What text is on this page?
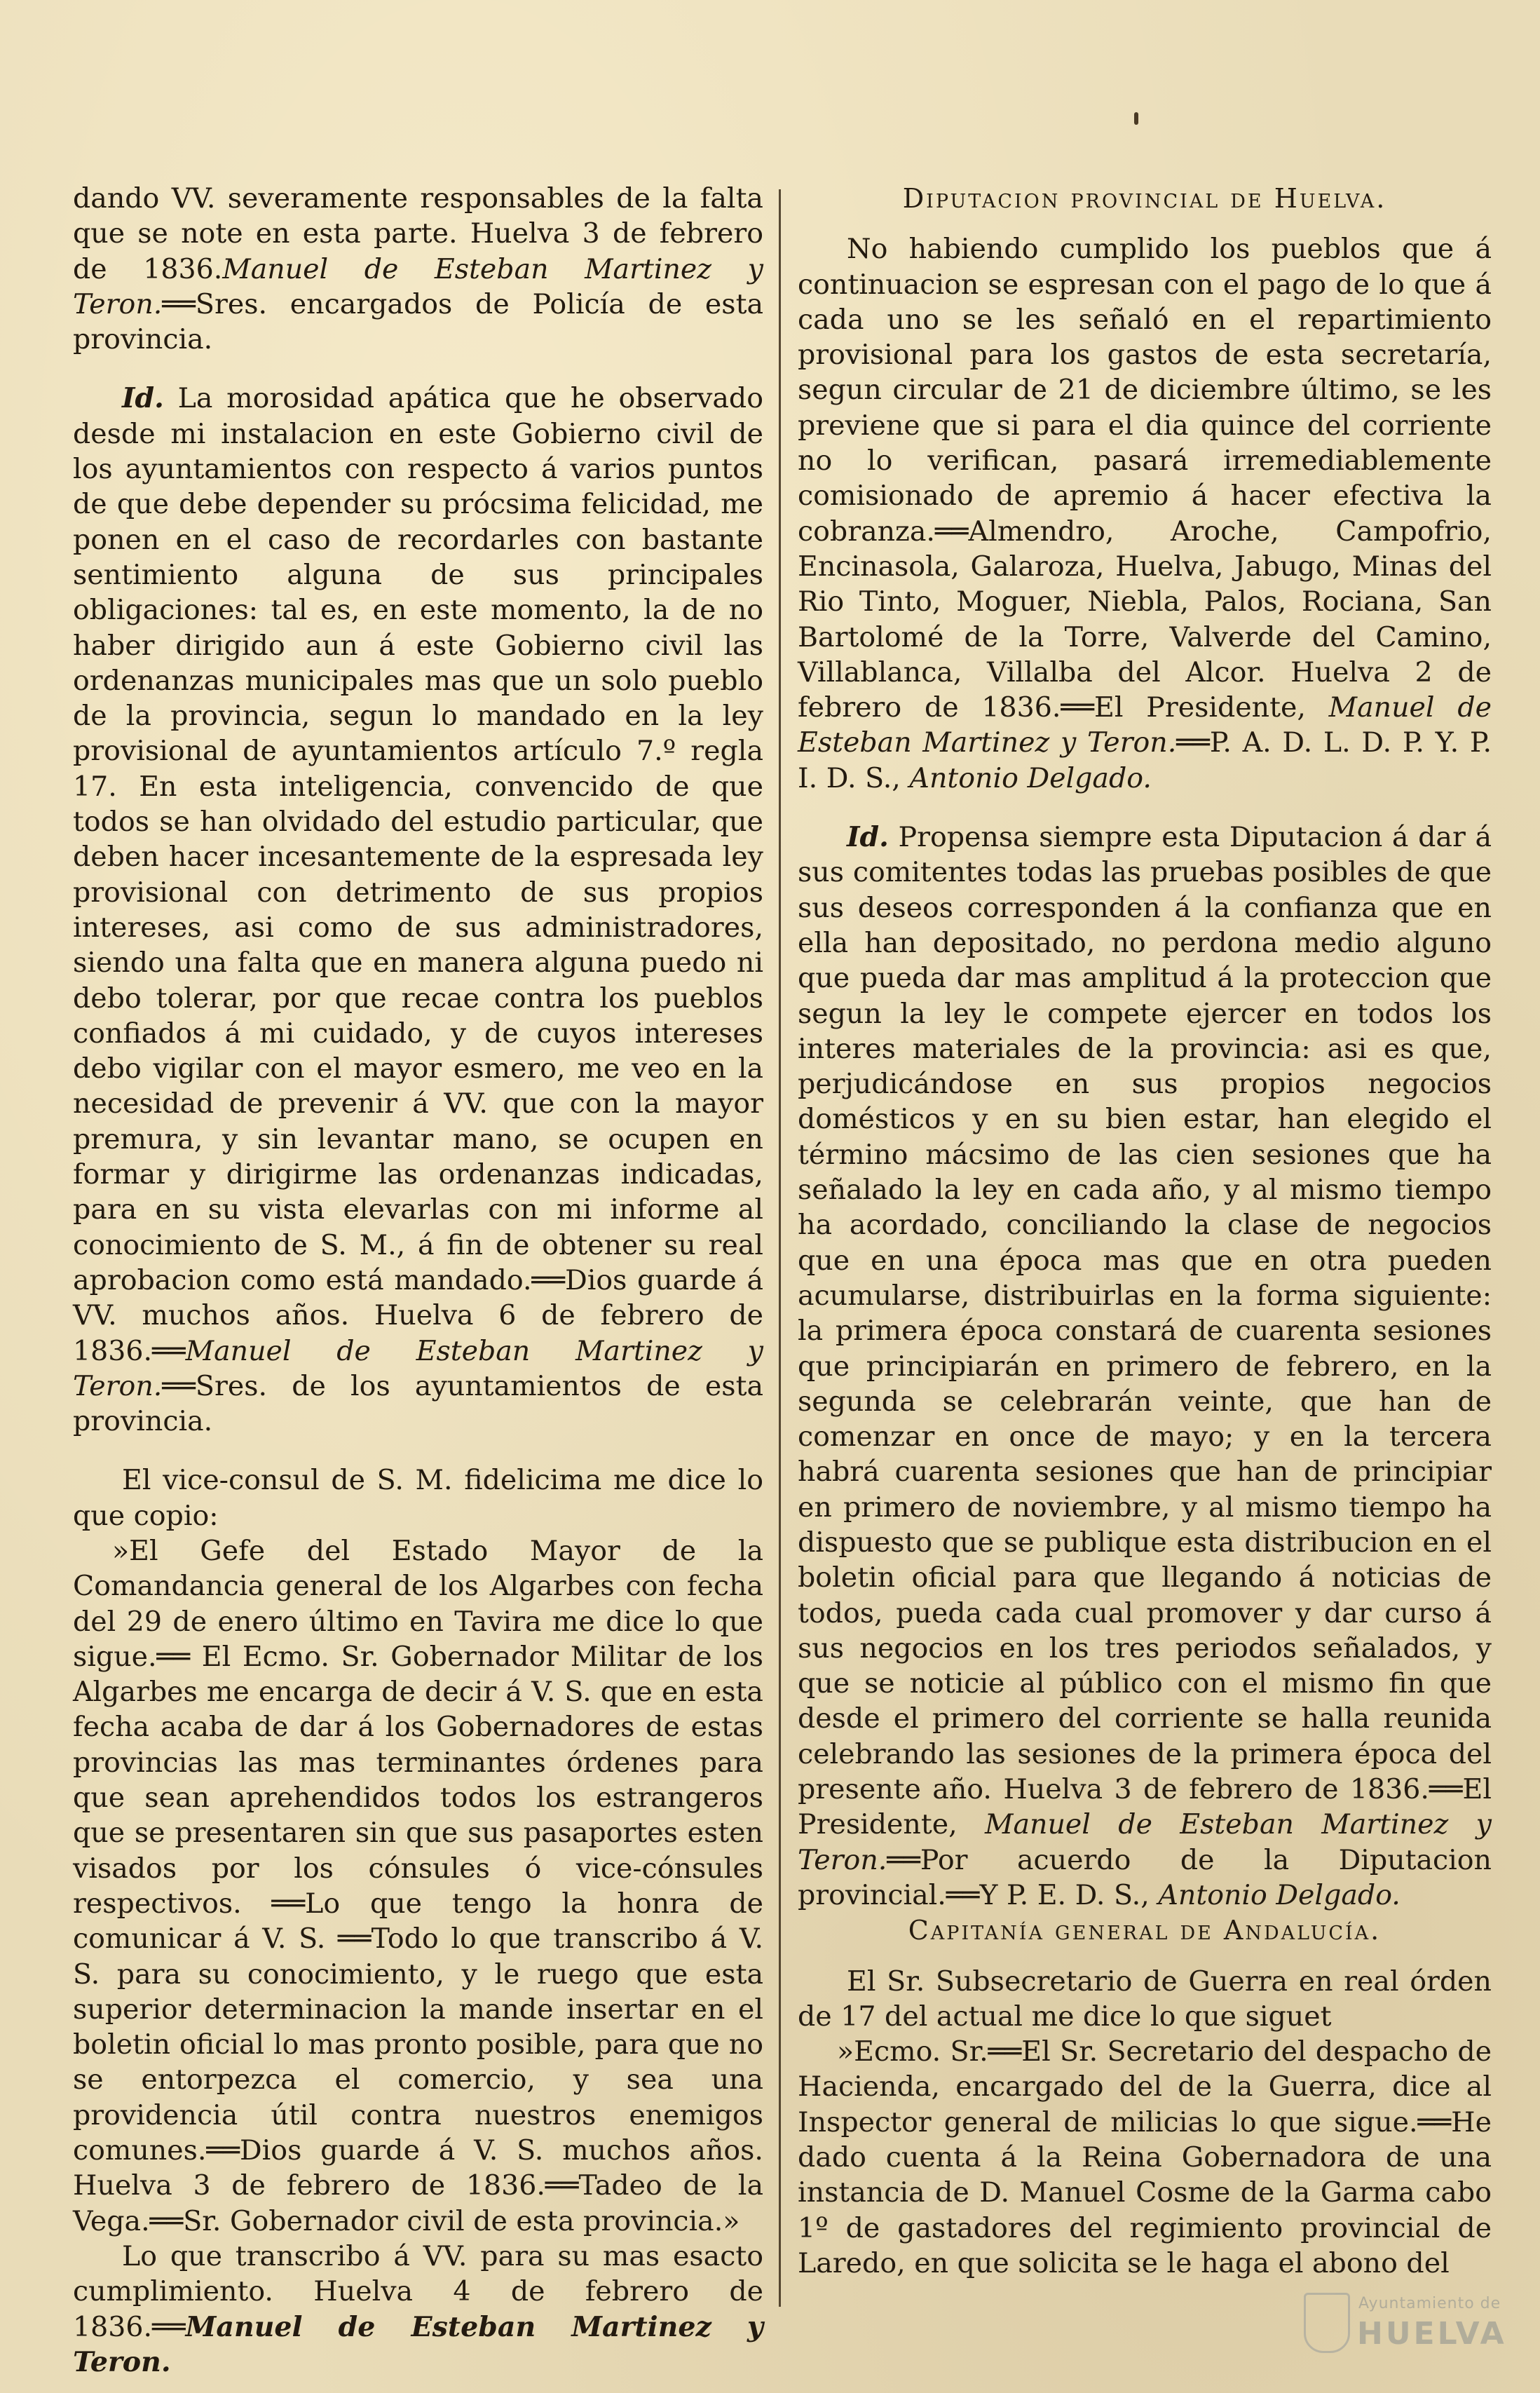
dando VV. severamente responsables de la falta que se note en esta parte. Huelva 3 de febrero de 1836.Manuel de Esteban Martinez y Teron.══Sres. encargados de Policía de esta provincia.

Id. La morosidad apática que he observado desde mi instalacion en este Gobierno civil de los ayuntamientos con respecto á varios puntos de que debe depender su prócsima felicidad, me ponen en el caso de recordarles con bastante sentimiento alguna de sus principales obligaciones: tal es, en este momento, la de no haber dirigido aun á este Gobierno civil las ordenanzas municipales mas que un solo pueblo de la provincia, segun lo mandado en la ley provisional de ayuntamientos artículo 7.º regla 17. En esta inteligencia, convencido de que todos se han olvidado del estudio particular, que deben hacer incesantemente de la espresada ley provisional con detrimento de sus propios intereses, asi como de sus administradores, siendo una falta que en manera alguna puedo ni debo tolerar, por que recae contra los pueblos confiados á mi cuidado, y de cuyos intereses debo vigilar con el mayor esmero, me veo en la necesidad de prevenir á VV. que con la mayor premura, y sin levantar mano, se ocupen en formar y dirigirme las ordenanzas indicadas, para en su vista elevarlas con mi informe al conocimiento de S. M., á fin de obtener su real aprobacion como está mandado.══Dios guarde á VV. muchos años. Huelva 6 de febrero de 1836.══Manuel de Esteban Martinez y Teron.══Sres. de los ayuntamientos de esta provincia.

El vice-consul de S. M. fidelicima me dice lo que copio:

»El Gefe del Estado Mayor de la Comandancia general de los Algarbes con fecha del 29 de enero último en Tavira me dice lo que sigue.══ El Ecmo. Sr. Gobernador Militar de los Algarbes me encarga de decir á V. S. que en esta fecha acaba de dar á los Gobernadores de estas provincias las mas terminantes órdenes para que sean aprehendidos todos los estrangeros que se presentaren sin que sus pasaportes esten visados por los cónsules ó vice-cónsules respectivos. ══Lo que tengo la honra de comunicar á V. S. ══Todo lo que transcribo á V. S. para su conocimiento, y le ruego que esta superior determinacion la mande insertar en el boletin oficial lo mas pronto posible, para que no se entorpezca el comercio, y sea una providencia útil contra nuestros enemigos comunes.══Dios guarde á V. S. muchos años. Huelva 3 de febrero de 1836.══Tadeo de la Vega.══Sr. Gobernador civil de esta provincia.»

Lo que transcribo á VV. para su mas esacto cumplimiento. Huelva 4 de febrero de 1836.══Manuel de Esteban Martinez y Teron.

Diputacion provincial de Huelva.

No habiendo cumplido los pueblos que á continuacion se espresan con el pago de lo que á cada uno se les señaló en el repartimiento provisional para los gastos de esta secretaría, segun circular de 21 de diciembre último, se les previene que si para el dia quince del corriente no lo verifican, pasará irremediablemente comisionado de apremio á hacer efectiva la cobranza.══Almendro, Aroche, Campofrio, Encinasola, Galaroza, Huelva, Jabugo, Minas del Rio Tinto, Moguer, Niebla, Palos, Rociana, San Bartolomé de la Torre, Valverde del Camino, Villablanca, Villalba del Alcor. Huelva 2 de febrero de 1836.══El Presidente, Manuel de Esteban Martinez y Teron.══P. A. D. L. D. P. Y. P. I. D. S., Antonio Delgado.

Id. Propensa siempre esta Diputacion á dar á sus comitentes todas las pruebas posibles de que sus deseos corresponden á la confianza que en ella han depositado, no perdona medio alguno que pueda dar mas amplitud á la proteccion que segun la ley le compete ejercer en todos los interes materiales de la provincia: asi es que, perjudicándose en sus propios negocios domésticos y en su bien estar, han elegido el término mácsimo de las cien sesiones que ha señalado la ley en cada año, y al mismo tiempo ha acordado, conciliando la clase de negocios que en una época mas que en otra pueden acumularse, distribuirlas en la forma siguiente: la primera época constará de cuarenta sesiones que principiarán en primero de febrero, en la segunda se celebrarán veinte, que han de comenzar en once de mayo; y en la tercera habrá cuarenta sesiones que han de principiar en primero de noviembre, y al mismo tiempo ha dispuesto que se publique esta distribucion en el boletin oficial para que llegando á noticias de todos, pueda cada cual promover y dar curso á sus negocios en los tres periodos señalados, y que se noticie al público con el mismo fin que desde el primero del corriente se halla reunida celebrando las sesiones de la primera época del presente año. Huelva 3 de febrero de 1836.══El Presidente, Manuel de Esteban Martinez y Teron.══Por acuerdo de la Diputacion provincial.══Y P. E. D. S., Antonio Delgado.

Capitanía general de Andalucía.

El Sr. Subsecretario de Guerra en real órden de 17 del actual me dice lo que siguet

»Ecmo. Sr.══El Sr. Secretario del despacho de Hacienda, encargado del de la Guerra, dice al Inspector general de milicias lo que sigue.══He dado cuenta á la Reina Gobernadora de una instancia de D. Manuel Cosme de la Garma cabo 1º de gastadores del regimiento provincial de Laredo, en que solicita se le haga el abono del

Ayuntamiento de
HUELVA
